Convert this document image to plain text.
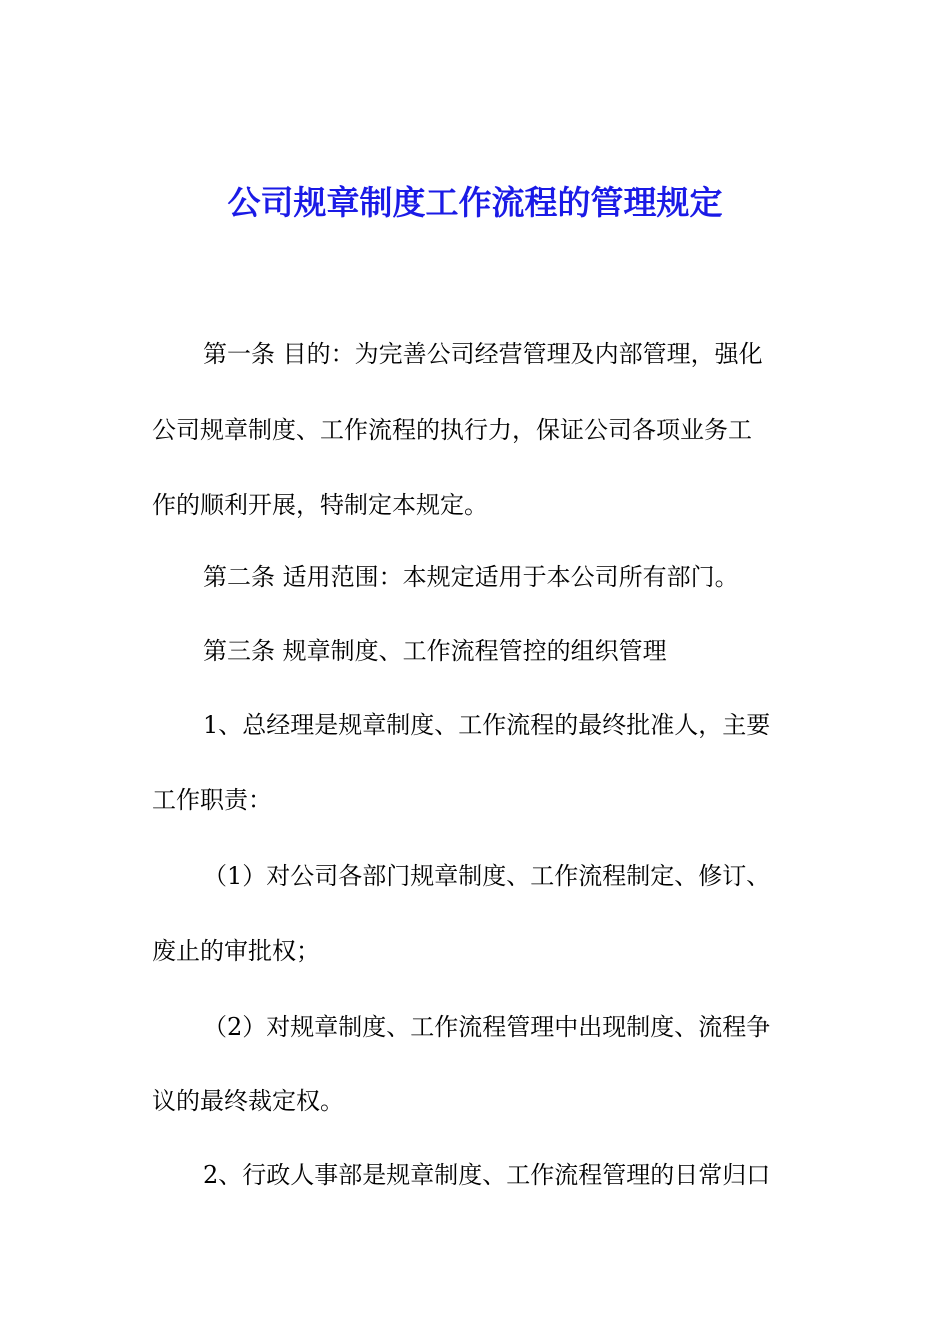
公司规章制度工作流程的管理规定

第一条 目的：为完善公司经营管理及内部管理，强化

公司规章制度、工作流程的执行力，保证公司各项业务工

作的顺利开展，特制定本规定。

第二条 适用范围：本规定适用于本公司所有部门。

第三条 规章制度、工作流程管控的组织管理

1、总经理是规章制度、工作流程的最终批准人，主要

工作职责：

（1）对公司各部门规章制度、工作流程制定、修订、

废止的审批权；

（2）对规章制度、工作流程管理中出现制度、流程争

议的最终裁定权。

2、行政人事部是规章制度、工作流程管理的日常归口
